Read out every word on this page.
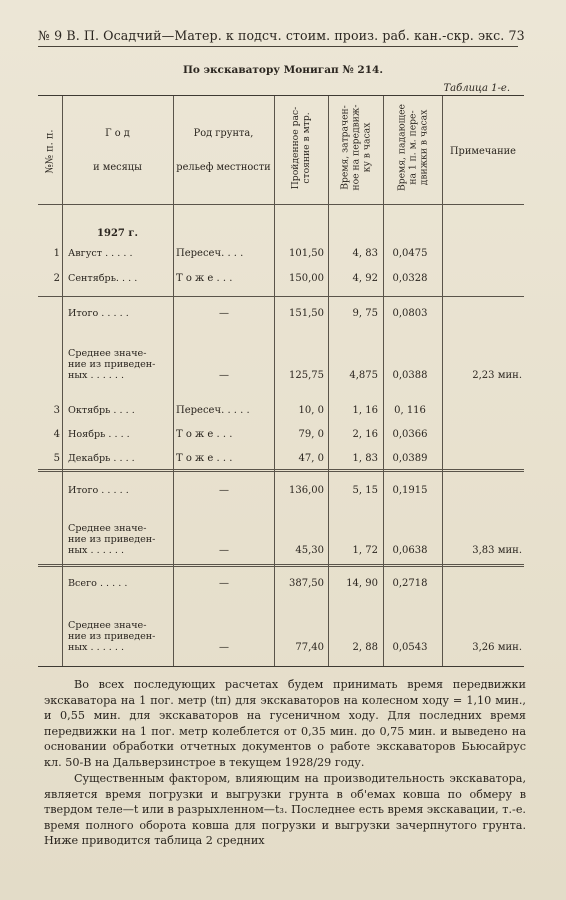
№ 9 В. П. Осадчий—Матер. к подсч. стоим. произ. раб. кан.-скр. экс. 73
По экскаватору Монигап № 214.
Таблица 1-е.
№№ п. п.	Г о д
и месяцы
Род грунта,
рельеф местности	Пройденное рас-
стояние в мтр.
Время, затрачен-
ное на передвиж-
ку в часах
Время, падающее
на 1 п. м. пере-
движки в часах
Примечание
1927 г.
1 Август . . . . .	Пересеч. . . .	101,50	4, 83	0,0475
2 Сентябрь. . . .	Т о ж е . . .	150,00	4, 92	0,0328
Итого . . . . .	—	151,50	9, 75	0,0803
Среднее значе-
ние из приведен-
ных . . . . . .	—	125,75	4,875	0,0388	2,23 мин.
3 Октябрь . . . .	Пересеч. . . . .	10, 0	1, 16	0, 116
4 Ноябрь . . . .	Т о ж е . . .	79, 0	2, 16	0,0366
5 Декабрь . . . .	Т о ж е . . .	47, 0	1, 83	0,0389
Итого . . . . .	—	136,00	5, 15	0,1915
Среднее значе-
ние из приведен-
ных . . . . . .	—	45,30	1, 72	0,0638	3,83 мин.
Всего . . . . .	—	387,50	14, 90	0,2718
Среднее значе-
ние из приведен-
ных . . . . . .	—	77,40	2, 88	0,0543	3,26 мин.

Во всех последующих расчетах будем принимать время передвижки экскаватора на 1 пог. метр (tп) для экскаваторов на колесном ходу = 1,10 мин., и 0,55 мин. для экскаваторов на гусеничном ходу. Для последних время передвижки на 1 пог. метр колеблется от 0,35 мин. до 0,75 мин. и выведено на основании обработки отчетных документов о работе экскаваторов Бьюсайрус кл. 50-В на Дальверзинстрое в текущем 1928/29 году.

Существенным фактором, влияющим на производительность экскаватора, является время погрузки и выгрузки грунта в об'емах ковша по обмеру в твердом теле—t или в разрыхленном—t₃. Последнее есть время экскавации, т.-е. время полного оборота ковша для погрузки и выгрузки зачерпнутого грунта. Ниже приводится таблица 2 средних
